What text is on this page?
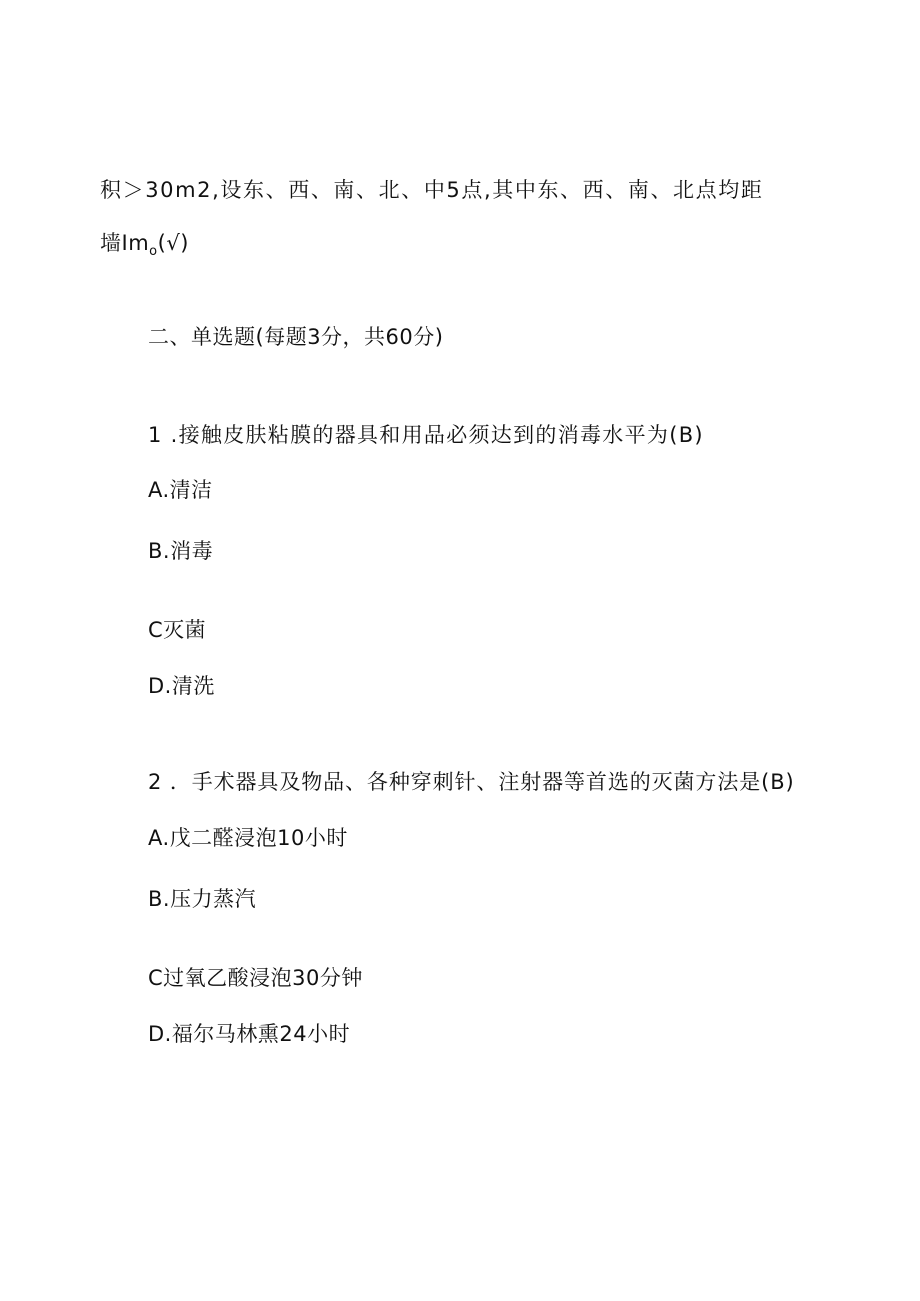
积＞30m2,设东、西、南、北、中5点,其中东、西、南、北点均距
墙$Im_o(√)$
二、单选题(每题3分，共60分)
1 .接触皮肤粘膜的器具和用品必须达到的消毒水平为(B)
A.清洁
B.消毒
C灭菌
D.清洗
2 ．手术器具及物品、各种穿刺针、注射器等首选的灭菌方法是(B)
A.戊二醛浸泡10小时
B.压力蒸汽
C过氧乙酸浸泡30分钟
D.福尔马林熏24小时
